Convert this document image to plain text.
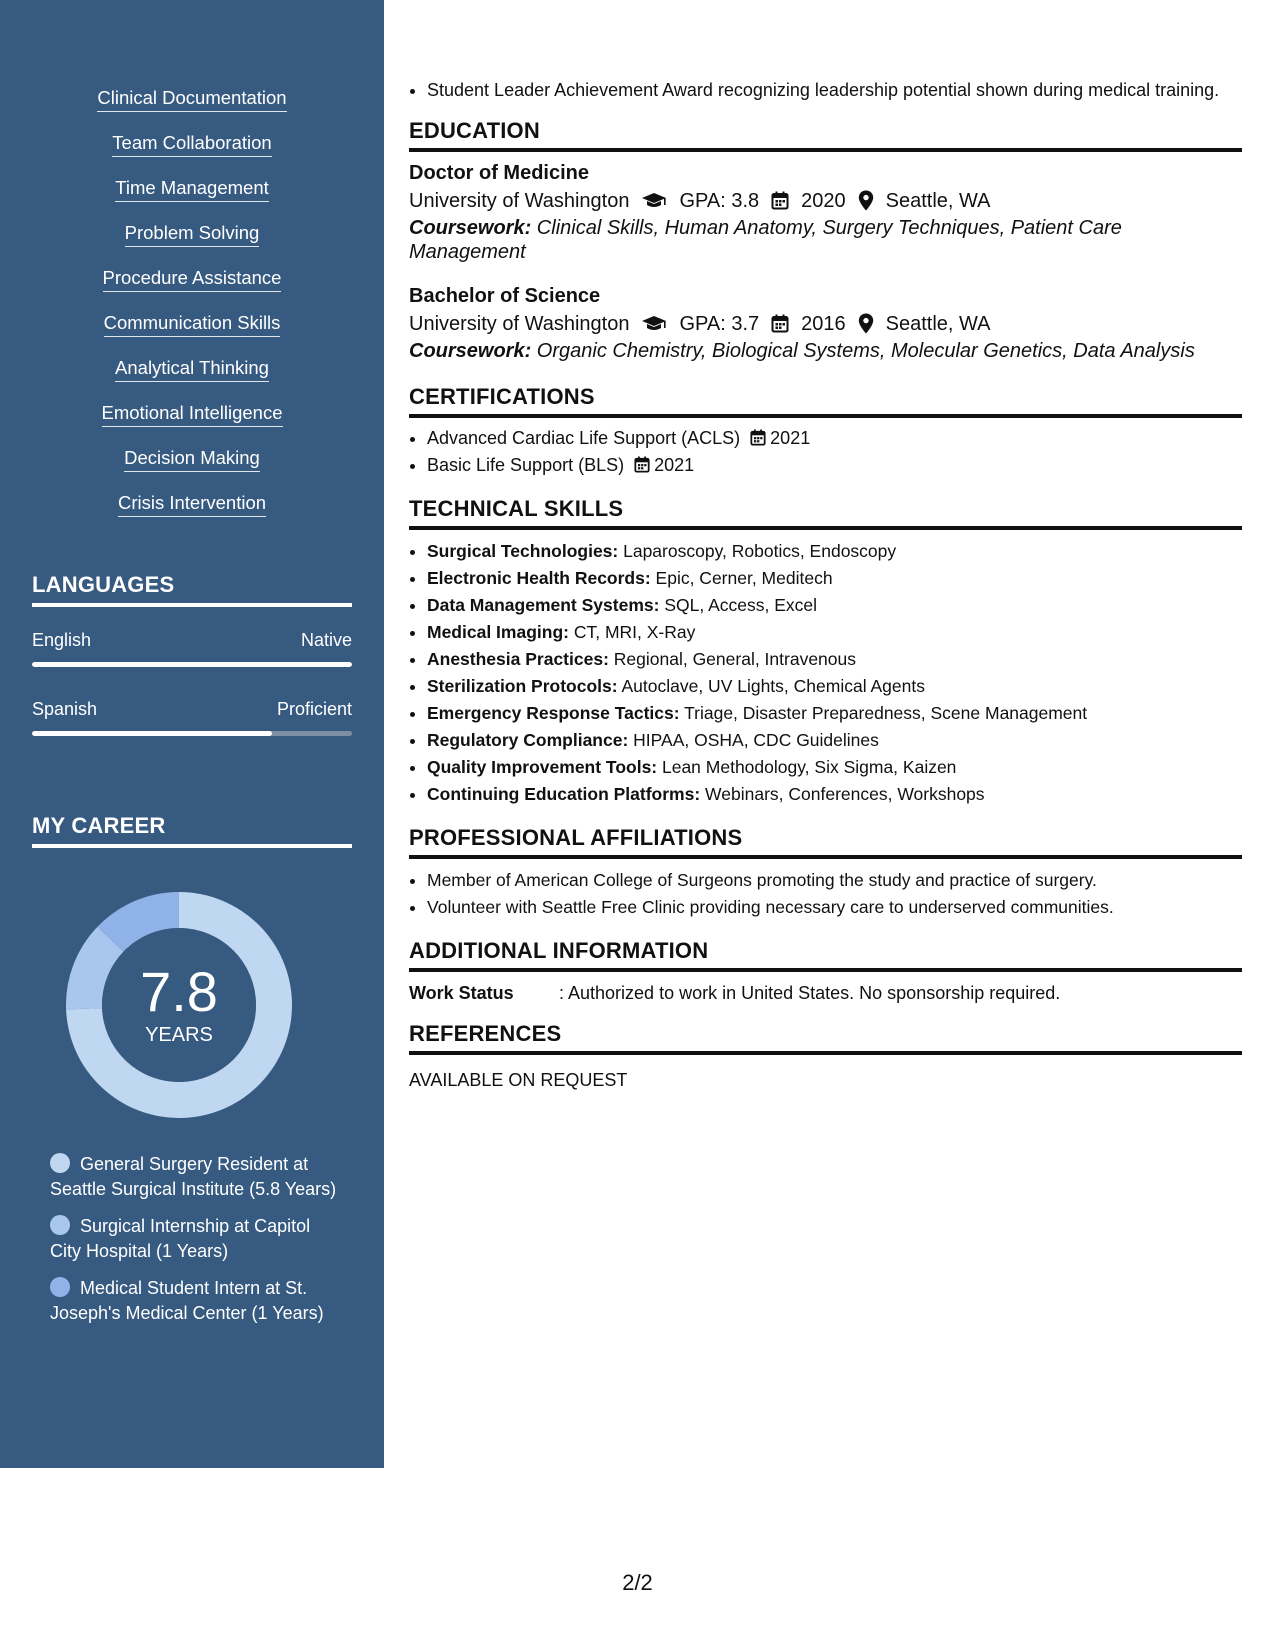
Clinical Documentation
Team Collaboration
Time Management
Problem Solving
Procedure Assistance
Communication Skills
Analytical Thinking
Emotional Intelligence
Decision Making
Crisis Intervention
LANGUAGES
English	Native
Spanish	Proficient
MY CAREER
7.8
YEARS
General Surgery Resident at Seattle Surgical Institute (5.8 Years)
Surgical Internship at Capitol City Hospital (1 Years)
Medical Student Intern at St. Joseph's Medical Center (1 Years)
• Student Leader Achievement Award recognizing leadership potential shown during medical training.
EDUCATION
Doctor of Medicine
University of Washington	GPA: 3.8 2020 Seattle, WA
Coursework: Clinical Skills, Human Anatomy, Surgery Techniques, Patient Care Management
Bachelor of Science
University of Washington	GPA: 3.7 2016 Seattle, WA
Coursework: Organic Chemistry, Biological Systems, Molecular Genetics, Data Analysis
CERTIFICATIONS
• Advanced Cardiac Life Support (ACLS) 2021
• Basic Life Support (BLS) 2021
TECHNICAL SKILLS
• Surgical Technologies: Laparoscopy, Robotics, Endoscopy
• Electronic Health Records: Epic, Cerner, Meditech
• Data Management Systems: SQL, Access, Excel
• Medical Imaging: CT, MRI, X-Ray
• Anesthesia Practices: Regional, General, Intravenous
• Sterilization Protocols: Autoclave, UV Lights, Chemical Agents
• Emergency Response Tactics: Triage, Disaster Preparedness, Scene Management
• Regulatory Compliance: HIPAA, OSHA, CDC Guidelines
• Quality Improvement Tools: Lean Methodology, Six Sigma, Kaizen
• Continuing Education Platforms: Webinars, Conferences, Workshops
PROFESSIONAL AFFILIATIONS
• Member of American College of Surgeons promoting the study and practice of surgery.
• Volunteer with Seattle Free Clinic providing necessary care to underserved communities.
ADDITIONAL INFORMATION
Work Status	: Authorized to work in United States. No sponsorship required.
REFERENCES
AVAILABLE ON REQUEST
2/2
